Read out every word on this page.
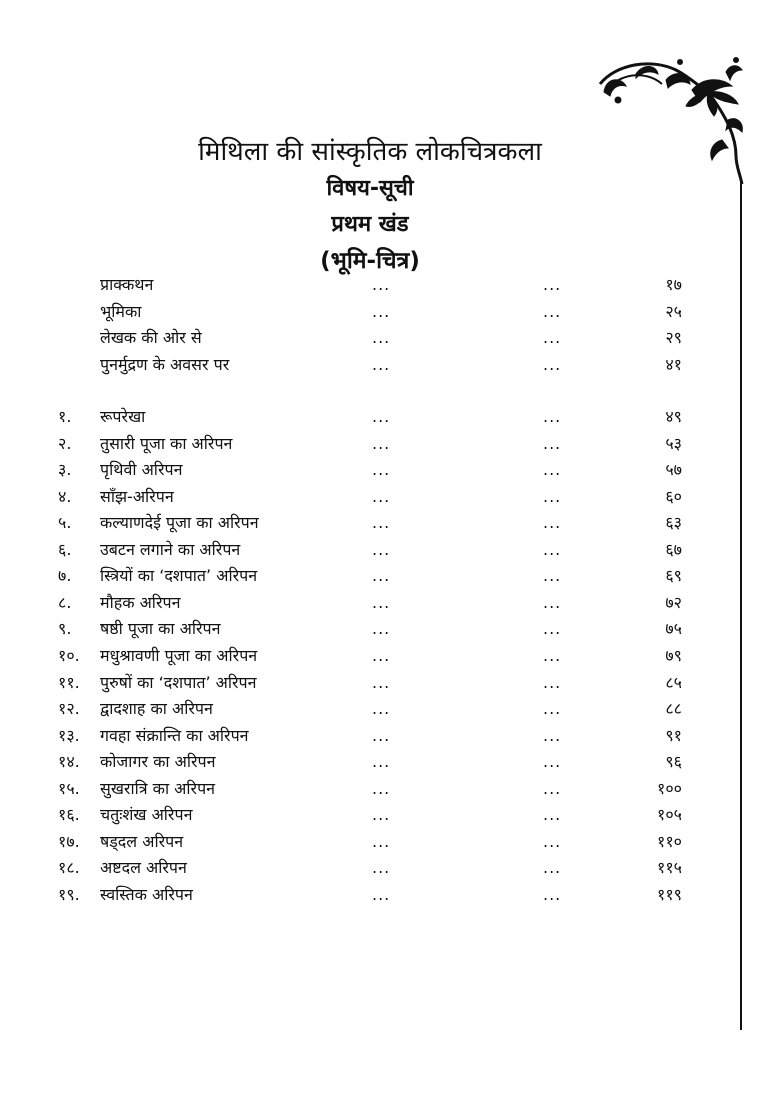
मिथिला की सांस्कृतिक लोकचित्रकला
विषय-सूची
प्रथम खंड
(भूमि-चित्र)
प्राक्कथन	...	...	१७
भूमिका	...	...	२५
लेखक की ओर से	...	...	२९
पुनर्मुद्रण के अवसर पर	...	...	४१
१. रूपरेखा	...	...	४९
२. तुसारी पूजा का अरिपन	...	...	५३
३. पृथिवी अरिपन	...	...	५७
४. साँझ-अरिपन	...	...	६०
५. कल्याणदेई पूजा का अरिपन	...	...	६३
६. उबटन लगाने का अरिपन	...	...	६७
७. स्त्रियों का ‘दशपात’ अरिपन	...	...	६९
८. मौहक अरिपन	...	...	७२
९. षष्ठी पूजा का अरिपन	...	...	७५
१०. मधुश्रावणी पूजा का अरिपन	...	...	७९
११. पुरुषों का ‘दशपात’ अरिपन	...	...	८५
१२. द्वादशाह का अरिपन	...	...	८८
१३. गवहा संक्रान्ति का अरिपन	...	...	९१
१४. कोजागर का अरिपन	...	...	९६
१५. सुखरात्रि का अरिपन	...	...	१००
१६. चतुःशंख अरिपन	...	...	१०५
१७. षड्दल अरिपन	...	...	११०
१८. अष्टदल अरिपन	...	...	११५
१९. स्वस्तिक अरिपन	...	...	११९
